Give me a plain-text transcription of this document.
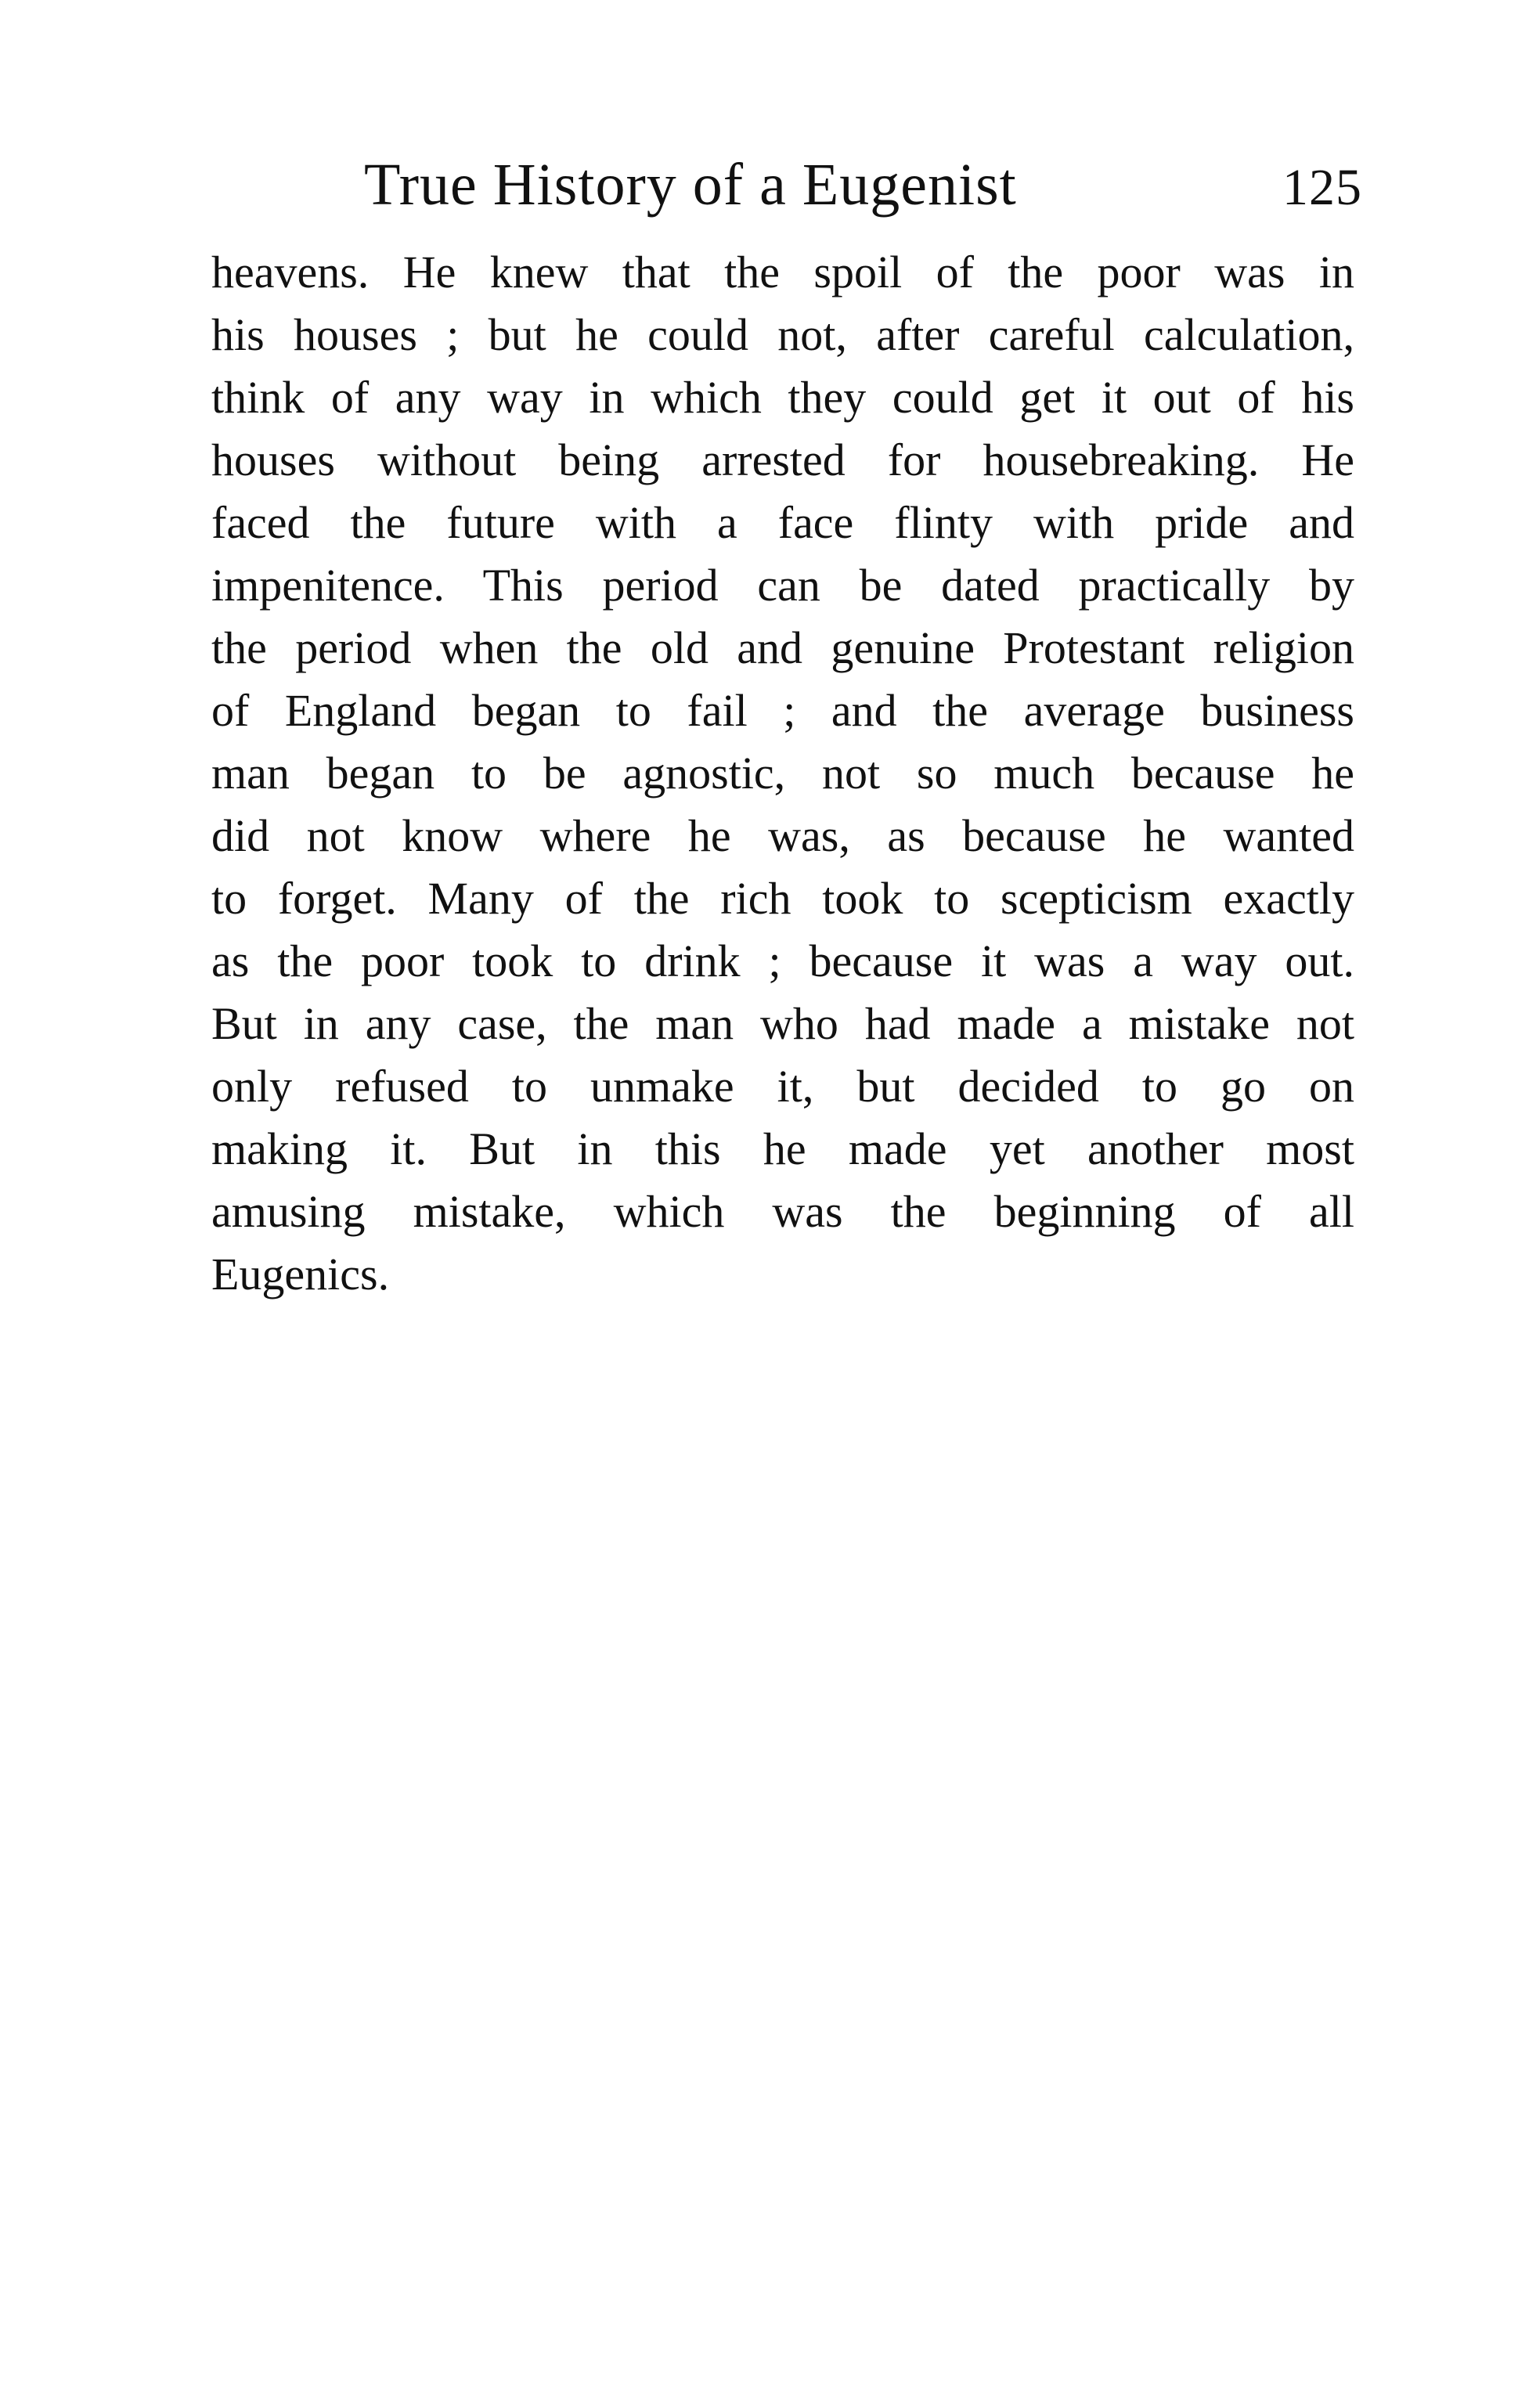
True History of a Eugenist	125
heavens. He knew that the spoil of the poor was in
his houses ; but he could not, after careful calculation,
think of any way in which they could get it out of his
houses without being arrested for housebreaking. He
faced the future with a face flinty with pride and
impenitence. This period can be dated practically by
the period when the old and genuine Protestant religion
of England began to fail ; and the average business
man began to be agnostic, not so much because he
did not know where he was, as because he wanted
to forget. Many of the rich took to scepticism exactly
as the poor took to drink ; because it was a way out.
But in any case, the man who had made a mistake not
only refused to unmake it, but decided to go on
making it. But in this he made yet another most
amusing mistake, which was the beginning of all
Eugenics.
